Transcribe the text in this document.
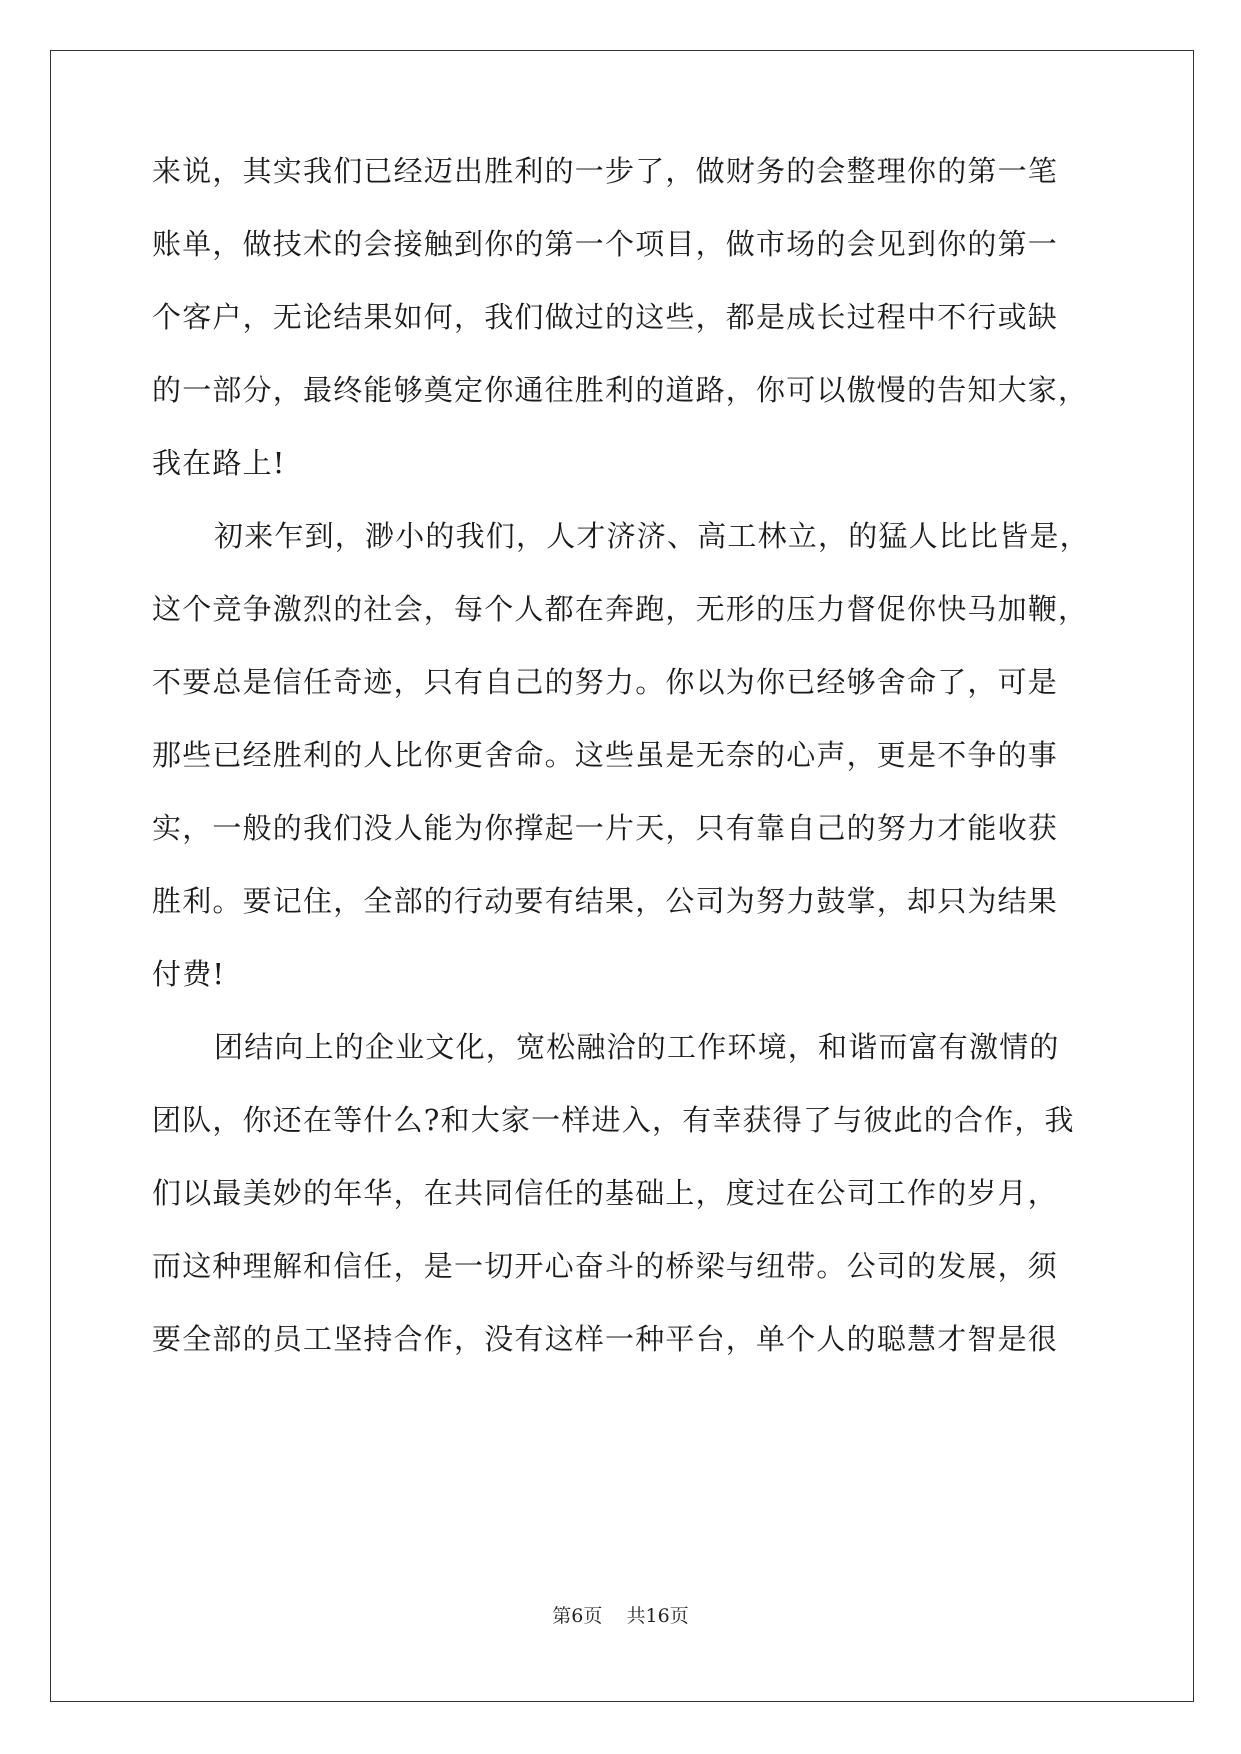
来说，其实我们已经迈出胜利的一步了，做财务的会整理你的第一笔
账单，做技术的会接触到你的第一个项目，做市场的会见到你的第一
个客户，无论结果如何，我们做过的这些，都是成长过程中不行或缺
的一部分，最终能够奠定你通往胜利的道路，你可以傲慢的告知大家，
我在路上!
初来乍到，渺小的我们，人才济济、高工林立，的猛人比比皆是，
这个竞争激烈的社会，每个人都在奔跑，无形的压力督促你快马加鞭，
不要总是信任奇迹，只有自己的努力。你以为你已经够舍命了，可是
那些已经胜利的人比你更舍命。这些虽是无奈的心声，更是不争的事
实，一般的我们没人能为你撑起一片天，只有靠自己的努力才能收获
胜利。要记住，全部的行动要有结果，公司为努力鼓掌，却只为结果
付费!
团结向上的企业文化，宽松融洽的工作环境，和谐而富有激情的
团队，你还在等什么?和大家一样进入，有幸获得了与彼此的合作，我
们以最美妙的年华，在共同信任的基础上，度过在公司工作的岁月，
而这种理解和信任，是一切开心奋斗的桥梁与纽带。公司的发展，须
要全部的员工坚持合作，没有这样一种平台，单个人的聪慧才智是很
第6页    共16页
